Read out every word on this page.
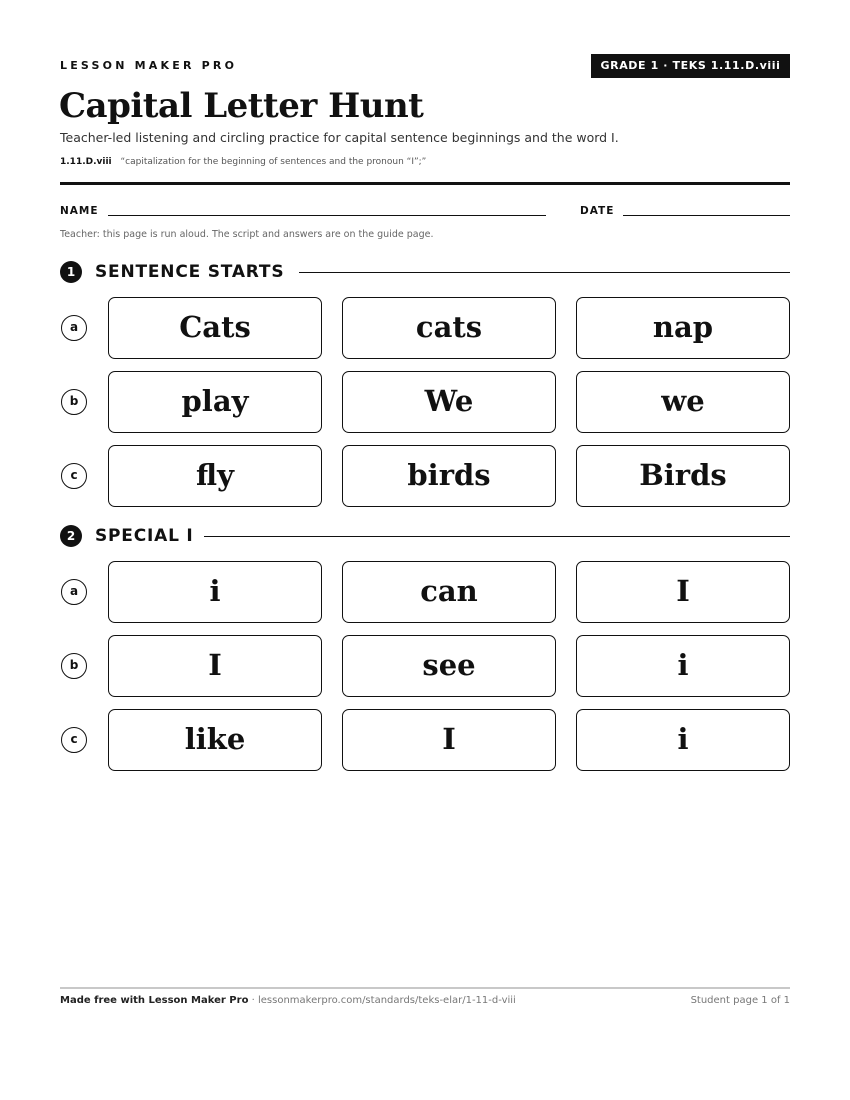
LESSON MAKER PRO	GRADE 1 · TEKS 1.11.D.viii
Capital Letter Hunt
Teacher-led listening and circling practice for capital sentence beginnings and the word I.
1.11.D.viii “capitalization for the beginning of sentences and the pronoun “I”;”
NAME	DATE
Teacher: this page is run aloud. The script and answers are on the guide page.
1	SENTENCE STARTS
a	Cats	cats	nap
b	play	We	we
c	fly	birds	Birds
2	SPECIAL I
a	i	can	I
b	I	see	i
c	like	I	i
Made free with Lesson Maker Pro · lessonmakerpro.com/standards/teks-elar/1-11-d-viii	Student page 1 of 1
